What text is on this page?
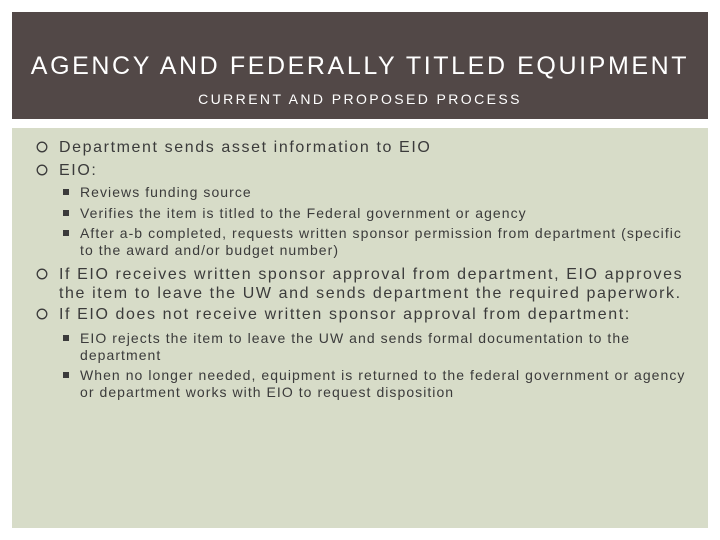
AGENCY AND FEDERALLY TITLED EQUIPMENT
CURRENT AND PROPOSED PROCESS
Department sends asset information to EIO
EIO:
Reviews funding source
Verifies the item is titled to the Federal government or agency
After a-b completed, requests written sponsor permission from department (specific to the award and/or budget number)
If EIO receives written sponsor approval from department, EIO approves the item to leave the UW and sends department the required paperwork.
If EIO does not receive written sponsor approval from department:
EIO rejects the item to leave the UW and sends formal documentation to the department
When no longer needed, equipment is returned to the federal government or agency or department works with EIO to request disposition
